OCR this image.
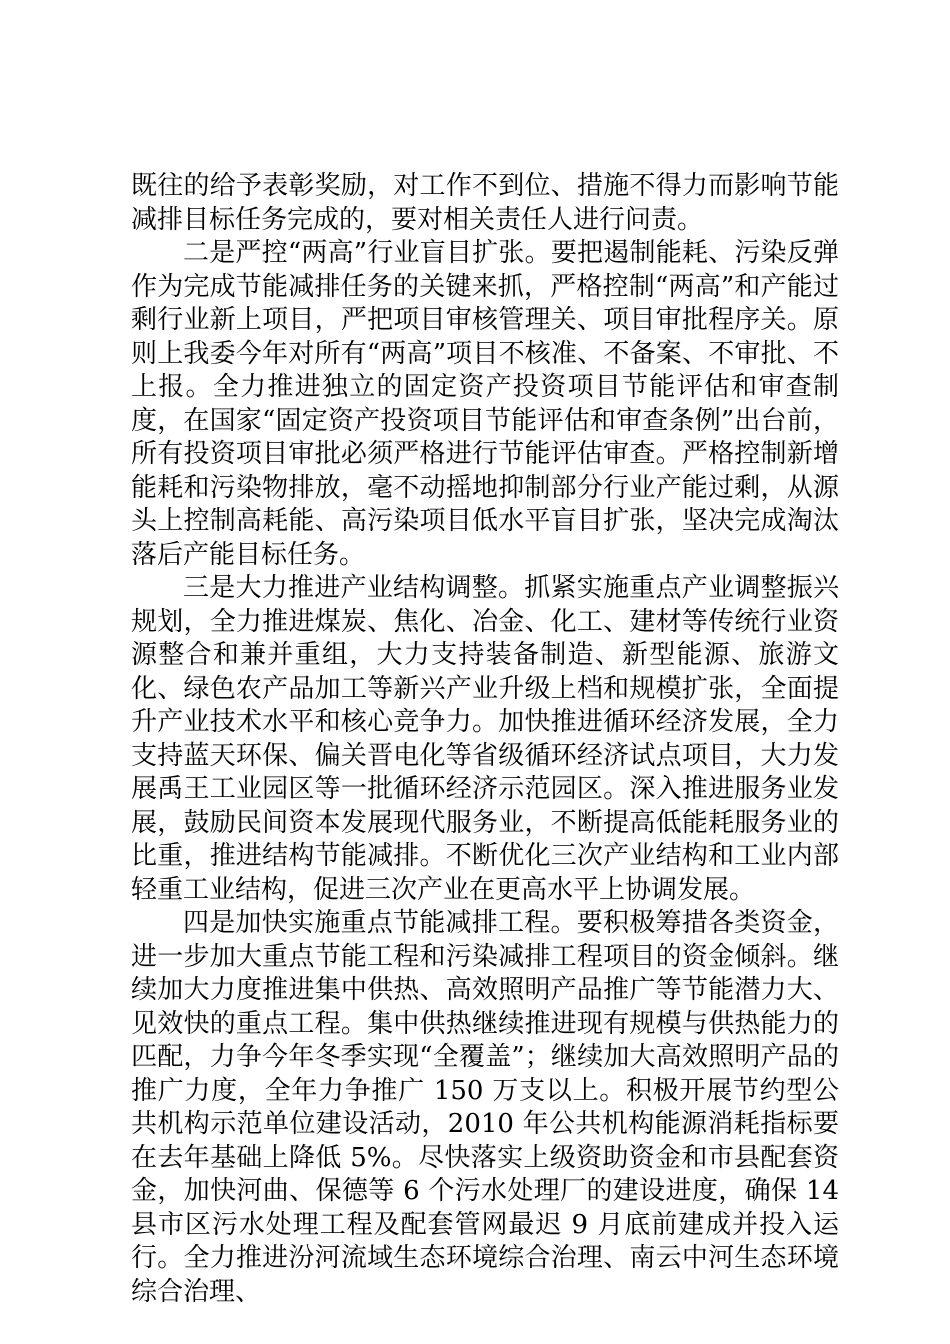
既往的给予表彰奖励，对工作不到位、措施不得力而影响节能减排目标任务完成的，要对相关责任人进行问责。

二是严控“两高”行业盲目扩张。要把遏制能耗、污染反弹作为完成节能减排任务的关键来抓，严格控制“两高”和产能过剩行业新上项目，严把项目审核管理关、项目审批程序关。原则上我委今年对所有“两高”项目不核准、不备案、不审批、不上报。全力推进独立的固定资产投资项目节能评估和审查制度，在国家“固定资产投资项目节能评估和审查条例”出台前，所有投资项目审批必须严格进行节能评估审查。严格控制新增能耗和污染物排放，毫不动摇地抑制部分行业产能过剩，从源头上控制高耗能、高污染项目低水平盲目扩张，坚决完成淘汰落后产能目标任务。

三是大力推进产业结构调整。抓紧实施重点产业调整振兴规划，全力推进煤炭、焦化、冶金、化工、建材等传统行业资源整合和兼并重组，大力支持装备制造、新型能源、旅游文化、绿色农产品加工等新兴产业升级上档和规模扩张，全面提升产业技术水平和核心竞争力。加快推进循环经济发展，全力支持蓝天环保、偏关晋电化等省级循环经济试点项目，大力发展禹王工业园区等一批循环经济示范园区。深入推进服务业发展，鼓励民间资本发展现代服务业，不断提高低能耗服务业的比重，推进结构节能减排。不断优化三次产业结构和工业内部轻重工业结构，促进三次产业在更高水平上协调发展。

四是加快实施重点节能减排工程。要积极筹措各类资金，进一步加大重点节能工程和污染减排工程项目的资金倾斜。继续加大力度推进集中供热、高效照明产品推广等节能潜力大、见效快的重点工程。集中供热继续推进现有规模与供热能力的匹配，力争今年冬季实现“全覆盖”；继续加大高效照明产品的推广力度，全年力争推广 150 万支以上。积极开展节约型公共机构示范单位建设活动，2010 年公共机构能源消耗指标要在去年基础上降低 5%。尽快落实上级资助资金和市县配套资金，加快河曲、保德等 6 个污水处理厂的建设进度，确保 14 县市区污水处理工程及配套管网最迟 9 月底前建成并投入运行。全力推进汾河流域生态环境综合治理、南云中河生态环境综合治理、
